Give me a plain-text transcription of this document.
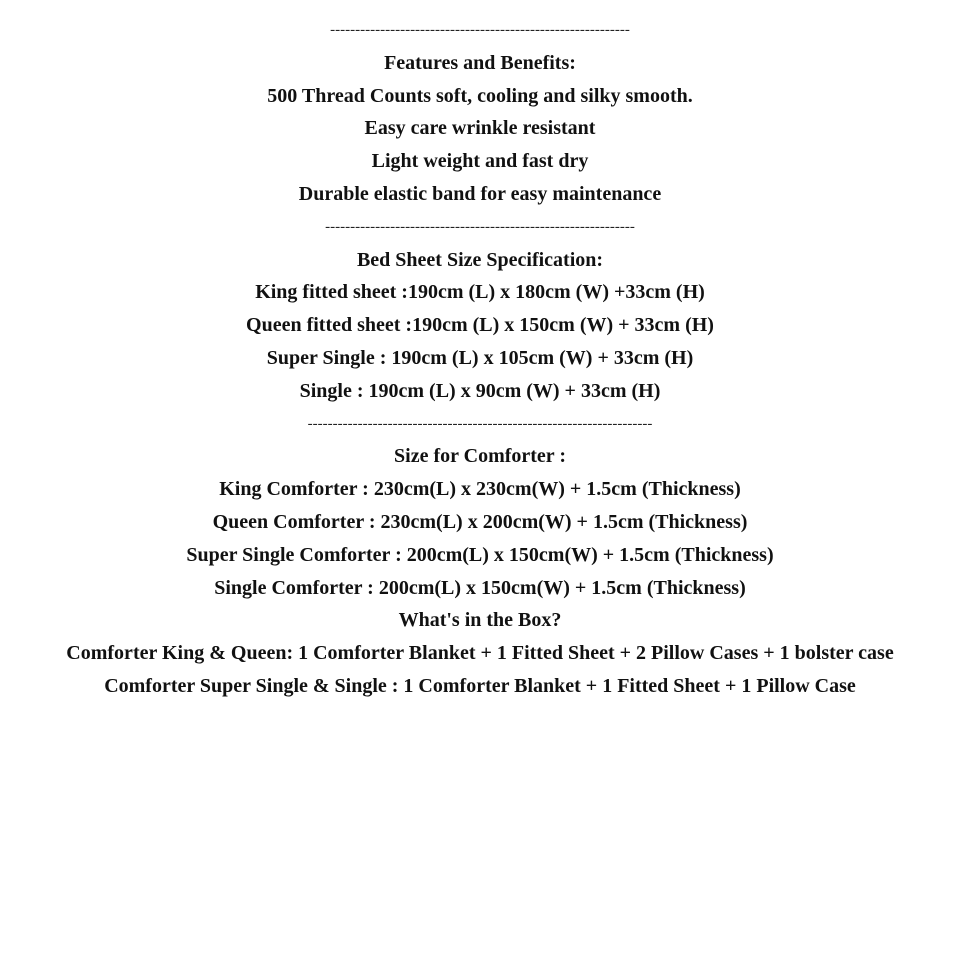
------------------------------------------------------------
Features and Benefits:
500 Thread Counts soft, cooling and silky smooth.
Easy care wrinkle resistant
Light weight and fast dry
Durable elastic band for easy maintenance
--------------------------------------------------------------
Bed Sheet Size Specification:
King fitted sheet :190cm (L) x 180cm (W) +33cm (H)
Queen fitted sheet :190cm (L) x 150cm (W) + 33cm (H)
Super Single : 190cm (L) x 105cm (W) + 33cm (H)
Single : 190cm (L) x 90cm (W) + 33cm (H)
---------------------------------------------------------------------
Size for Comforter :
King Comforter : 230cm(L) x 230cm(W) + 1.5cm (Thickness)
Queen Comforter : 230cm(L) x 200cm(W) + 1.5cm (Thickness)
Super Single Comforter : 200cm(L) x 150cm(W) + 1.5cm (Thickness)
Single Comforter : 200cm(L) x 150cm(W) + 1.5cm (Thickness)
What's in the Box?
Comforter King & Queen: 1 Comforter Blanket + 1 Fitted Sheet + 2 Pillow Cases + 1 bolster case
Comforter Super Single & Single : 1 Comforter Blanket + 1 Fitted Sheet + 1 Pillow Case
